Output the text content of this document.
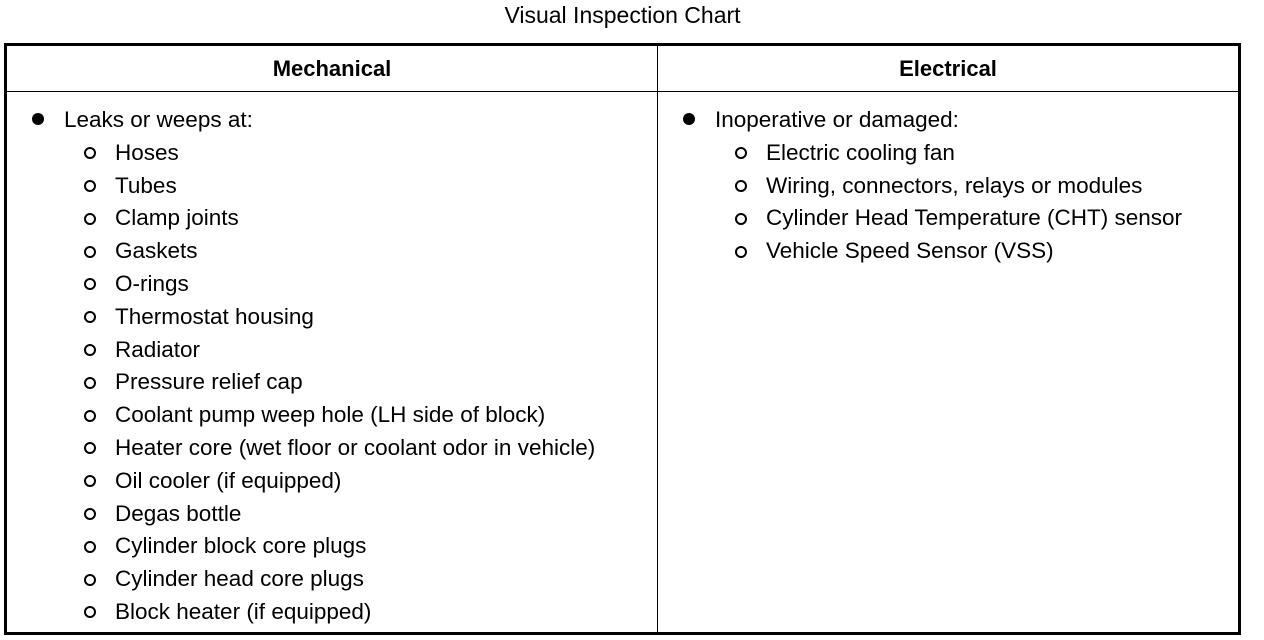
Visual Inspection Chart
Mechanical
Leaks or weeps at:
Hoses
Tubes
Clamp joints
Gaskets
O-rings
Thermostat housing
Radiator
Pressure relief cap
Coolant pump weep hole (LH side of block)
Heater core (wet floor or coolant odor in vehicle)
Oil cooler (if equipped)
Degas bottle
Cylinder block core plugs
Cylinder head core plugs
Block heater (if equipped)
Electrical
Inoperative or damaged:
Electric cooling fan
Wiring, connectors, relays or modules
Cylinder Head Temperature (CHT) sensor
Vehicle Speed Sensor (VSS)
